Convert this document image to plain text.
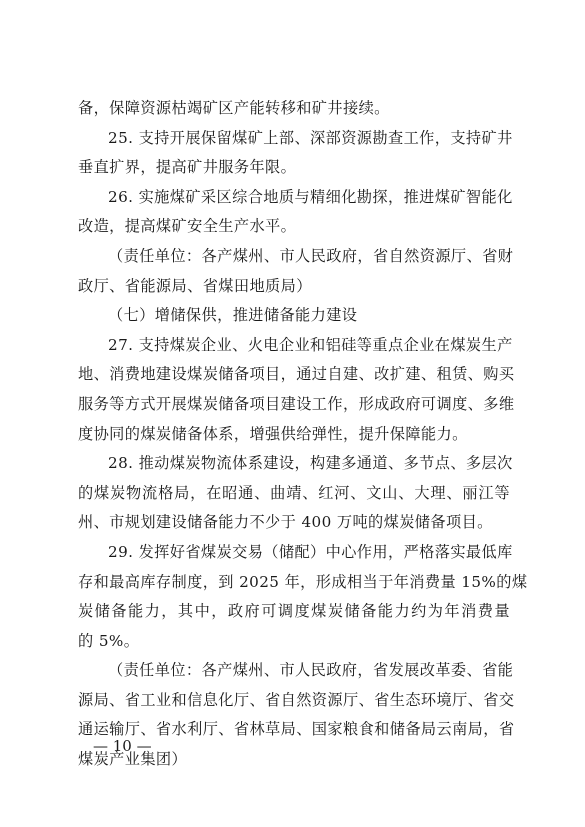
备，保障资源枯竭矿区产能转移和矿井接续。
25. 支持开展保留煤矿上部、深部资源勘查工作，支持矿井
垂直扩界，提高矿井服务年限。
26. 实施煤矿采区综合地质与精细化勘探，推进煤矿智能化
改造，提高煤矿安全生产水平。
（责任单位：各产煤州、市人民政府，省自然资源厅、省财
政厅、省能源局、省煤田地质局）
（七）增储保供，推进储备能力建设
27. 支持煤炭企业、火电企业和铝硅等重点企业在煤炭生产
地、消费地建设煤炭储备项目，通过自建、改扩建、租赁、购买
服务等方式开展煤炭储备项目建设工作，形成政府可调度、多维
度协同的煤炭储备体系，增强供给弹性，提升保障能力。
28. 推动煤炭物流体系建设，构建多通道、多节点、多层次
的煤炭物流格局，在昭通、曲靖、红河、文山、大理、丽江等
州、市规划建设储备能力不少于 400 万吨的煤炭储备项目。
29. 发挥好省煤炭交易（储配）中心作用，严格落实最低库
存和最高库存制度，到 2025 年，形成相当于年消费量 15%的煤
炭储备能力，其中，政府可调度煤炭储备能力约为年消费量
的 5%。
（责任单位：各产煤州、市人民政府，省发展改革委、省能
源局、省工业和信息化厅、省自然资源厅、省生态环境厅、省交
通运输厅、省水利厅、省林草局、国家粮食和储备局云南局，省
煤炭产业集团）
— 10 —
